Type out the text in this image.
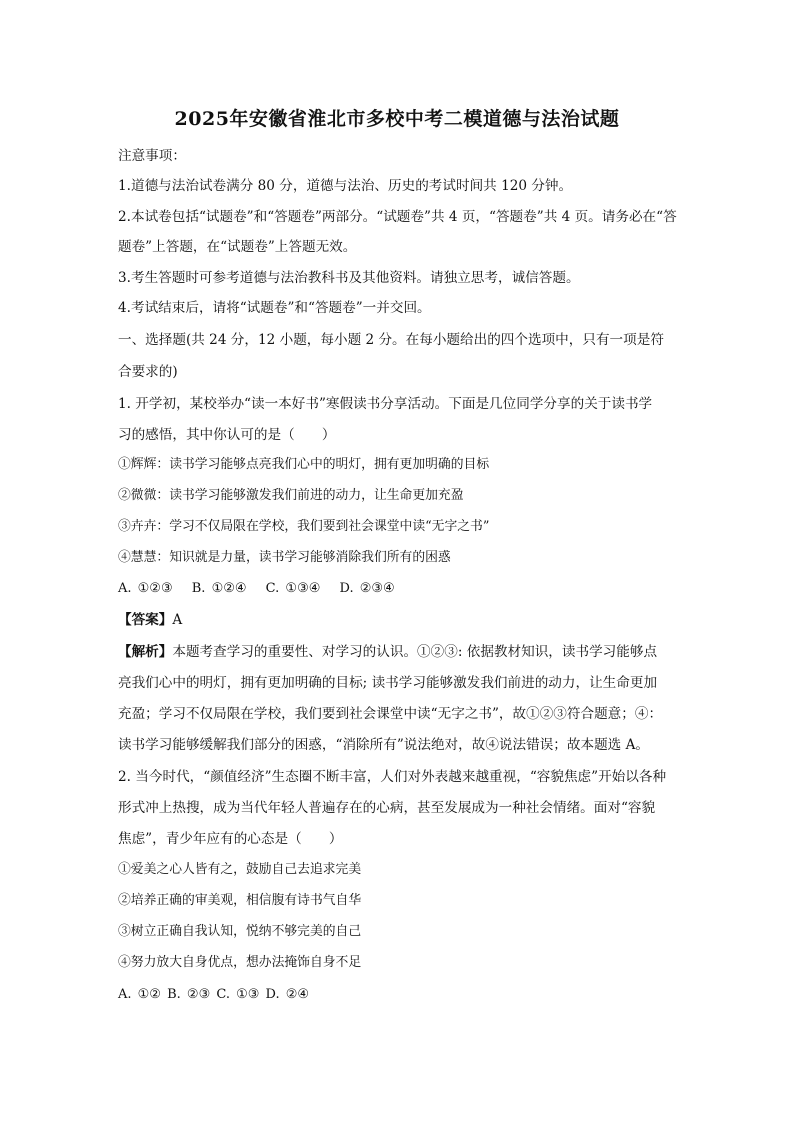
2025年安徽省淮北市多校中考二模道德与法治试题
注意事项：
1.道德与法治试卷满分 80 分，道德与法治、历史的考试时间共 120 分钟。
2.本试卷包括“试题卷”和“答题卷”两部分。“试题卷”共 4 页，“答题卷”共 4 页。请务必在“答
题卷”上答题，在“试题卷”上答题无效。
3.考生答题时可参考道德与法治教科书及其他资料。请独立思考，诚信答题。
4.考试结束后，请将“试题卷”和“答题卷”一并交回。
一、选择题(共 24 分，12 小题，每小题 2 分。在每小题给出的四个选项中，只有一项是符
合要求的)
1. 开学初，某校举办“读一本好书”寒假读书分享活动。下面是几位同学分享的关于读书学
习的感悟，其中你认可的是（　　）
①辉辉：读书学习能够点亮我们心中的明灯，拥有更加明确的目标
②微微：读书学习能够激发我们前进的动力，让生命更加充盈
③卉卉：学习不仅局限在学校，我们要到社会课堂中读“无字之书”
④慧慧：知识就是力量，读书学习能够消除我们所有的困惑
A. ①②③　 B. ①②④　 C. ①③④　 D. ②③④
【答案】A
【解析】本题考查学习的重要性、对学习的认识。①②③: 依据教材知识，读书学习能够点
亮我们心中的明灯，拥有更加明确的目标; 读书学习能够激发我们前进的动力，让生命更加
充盈；学习不仅局限在学校，我们要到社会课堂中读“无字之书”，故①②③符合题意；④：
读书学习能够缓解我们部分的困惑，“消除所有”说法绝对，故④说法错误；故本题选 A。
2. 当今时代，“颜值经济”生态圈不断丰富，人们对外表越来越重视，“容貌焦虑”开始以各种
形式冲上热搜，成为当代年轻人普遍存在的心病，甚至发展成为一种社会情绪。面对“容貌
焦虑”，青少年应有的心态是（　　）
①爱美之心人皆有之，鼓励自己去追求完美
②培养正确的审美观，相信腹有诗书气自华
③树立正确自我认知，悦纳不够完美的自己
④努力放大自身优点，想办法掩饰自身不足
A. ①② B. ②③ C. ①③ D. ②④
